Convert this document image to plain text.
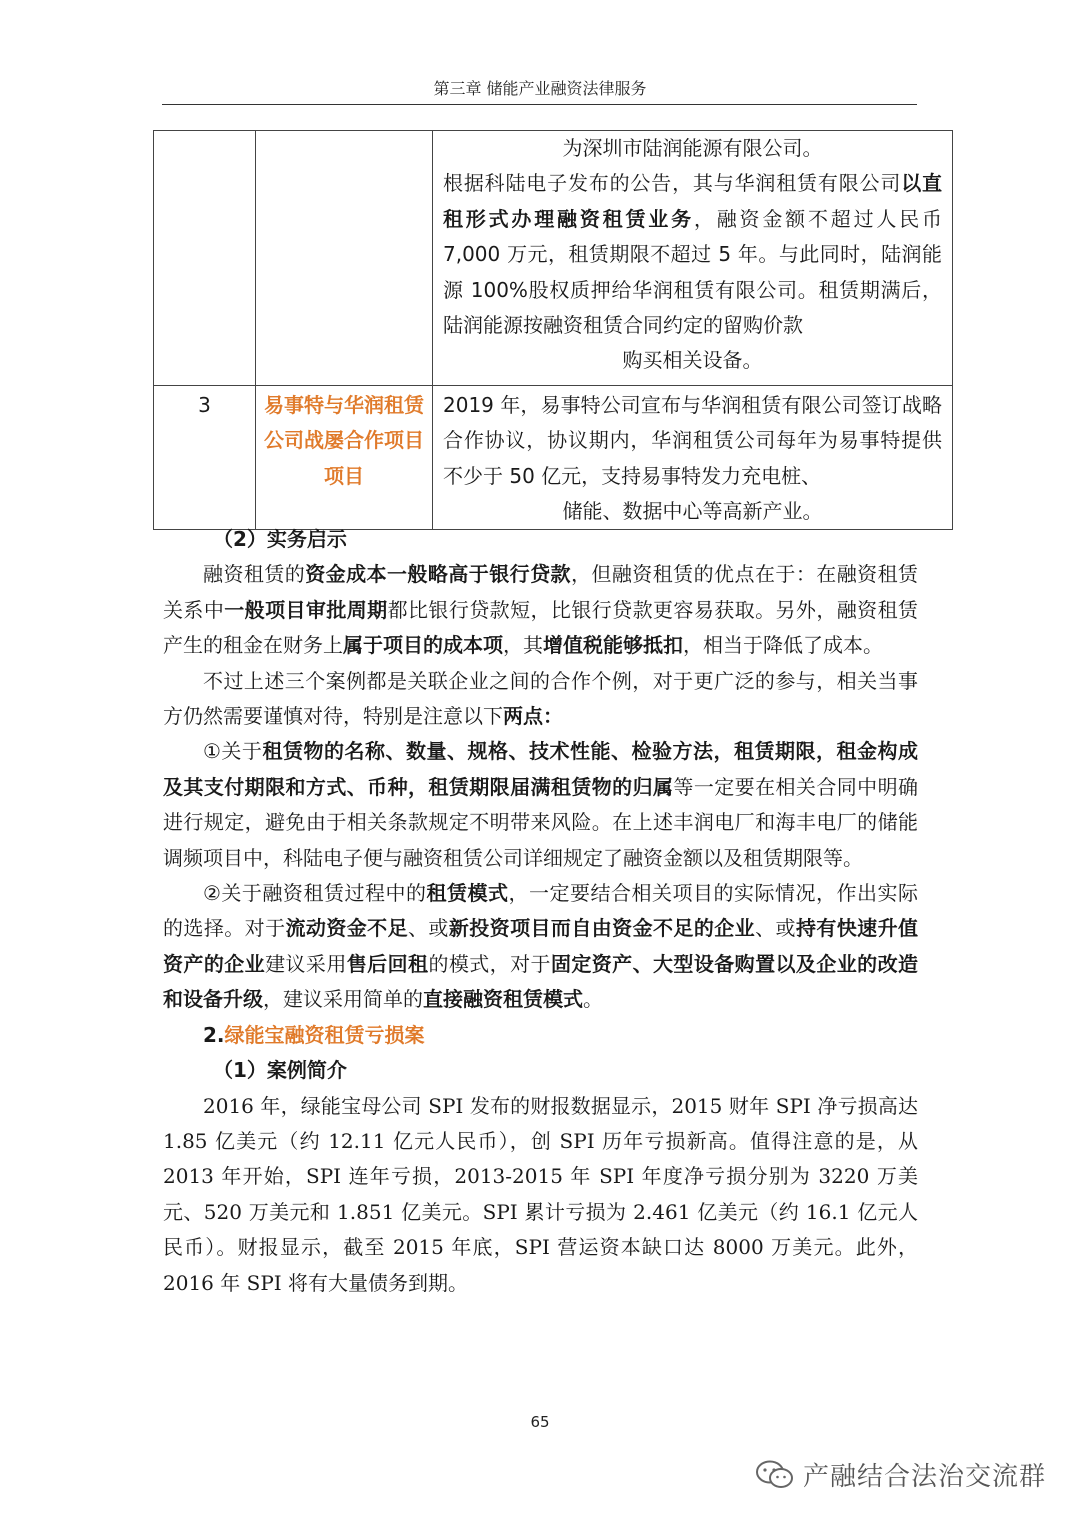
第三章 储能产业融资法律服务

		为深圳市陆润能源有限公司。
根据科陆电子发布的公告，其与华润租赁有限公司以直租形式办理融资租赁业务，融资金额不超过人民币 7,000 万元，租赁期限不超过 5 年。与此同时，陆润能源 100%股权质押给华润租赁有限公司。租赁期满后，陆润能源按融资租赁合同约定的留购价款
购买相关设备。

3	易事特与华润租赁公司战屡合作项目项目	2019 年，易事特公司宣布与华润租赁有限公司签订战略合作协议，协议期内，华润租赁公司每年为易事特提供不少于 50 亿元，支持易事特发力充电桩、
储能、数据中心等高新产业。

（2）实务启示

融资租赁的资金成本一般略高于银行贷款，但融资租赁的优点在于：在融资租赁关系中一般项目审批周期都比银行贷款短，比银行贷款更容易获取。另外，融资租赁产生的租金在财务上属于项目的成本项，其增值税能够抵扣，相当于降低了成本。

不过上述三个案例都是关联企业之间的合作个例，对于更广泛的参与，相关当事方仍然需要谨慎对待，特别是注意以下两点：

①关于租赁物的名称、数量、规格、技术性能、检验方法，租赁期限，租金构成及其支付期限和方式、币种，租赁期限届满租赁物的归属等一定要在相关合同中明确进行规定，避免由于相关条款规定不明带来风险。在上述丰润电厂和海丰电厂的储能调频项目中，科陆电子便与融资租赁公司详细规定了融资金额以及租赁期限等。

②关于融资租赁过程中的租赁模式，一定要结合相关项目的实际情况，作出实际的选择。对于流动资金不足、或新投资项目而自由资金不足的企业、或持有快速升值资产的企业建议采用售后回租的模式，对于固定资产、大型设备购置以及企业的改造和设备升级，建议采用简单的直接融资租赁模式。

2.绿能宝融资租赁亏损案

（1）案例简介

2016 年，绿能宝母公司 SPI 发布的财报数据显示，2015 财年 SPI 净亏损高达 1.85 亿美元（约 12.11 亿元人民币），创 SPI 历年亏损新高。值得注意的是，从 2013 年开始，SPI 连年亏损，2013-2015 年 SPI 年度净亏损分别为 3220 万美元、520 万美元和 1.851 亿美元。SPI 累计亏损为 2.461 亿美元（约 16.1 亿元人民币）。财报显示，截至 2015 年底，SPI 营运资本缺口达 8000 万美元。此外，2016 年 SPI 将有大量债务到期。

65
产融结合法治交流群
